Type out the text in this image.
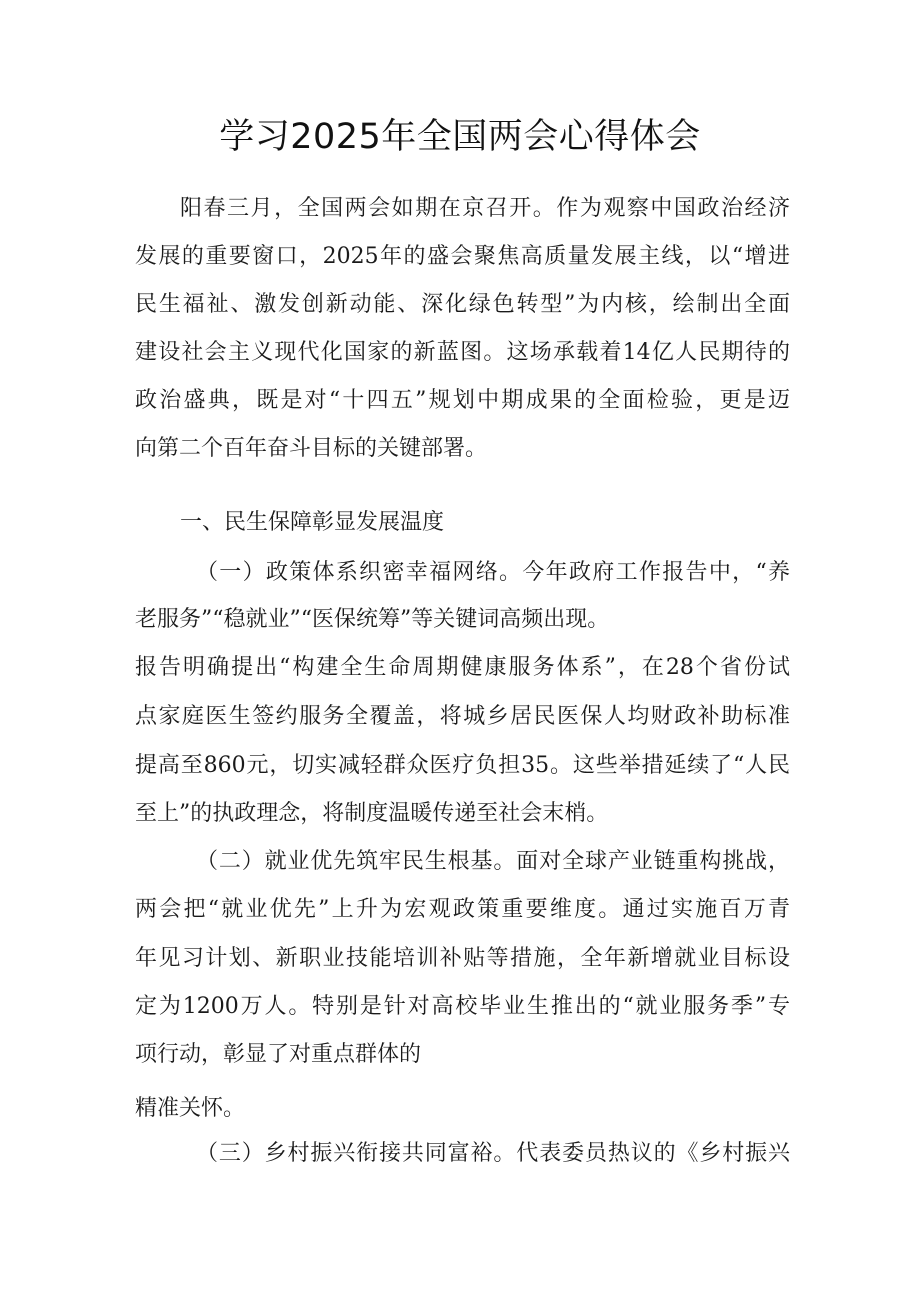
学习2025年全国两会心得体会
阳春三月，全国两会如期在京召开。作为观察中国政治经济
发展的重要窗口，2025年的盛会聚焦高质量发展主线，以“增进
民生福祉、激发创新动能、深化绿色转型”为内核，绘制出全面
建设社会主义现代化国家的新蓝图。这场承载着14亿人民期待的
政治盛典，既是对“十四五”规划中期成果的全面检验，更是迈
向第二个百年奋斗目标的关键部署。
一、民生保障彰显发展温度
（一）政策体系织密幸福网络。今年政府工作报告中，“养
老服务”“稳就业”“医保统筹”等关键词高频出现。
报告明确提出“构建全生命周期健康服务体系”，在28个省份试
点家庭医生签约服务全覆盖，将城乡居民医保人均财政补助标准
提高至860元，切实减轻群众医疗负担35。这些举措延续了“人民
至上”的执政理念，将制度温暖传递至社会末梢。
（二）就业优先筑牢民生根基。面对全球产业链重构挑战，
两会把“就业优先”上升为宏观政策重要维度。通过实施百万青
年见习计划、新职业技能培训补贴等措施，全年新增就业目标设
定为1200万人。特别是针对高校毕业生推出的“就业服务季”专
项行动，彰显了对重点群体的
精准关怀。
（三）乡村振兴衔接共同富裕。代表委员热议的《乡村振兴
